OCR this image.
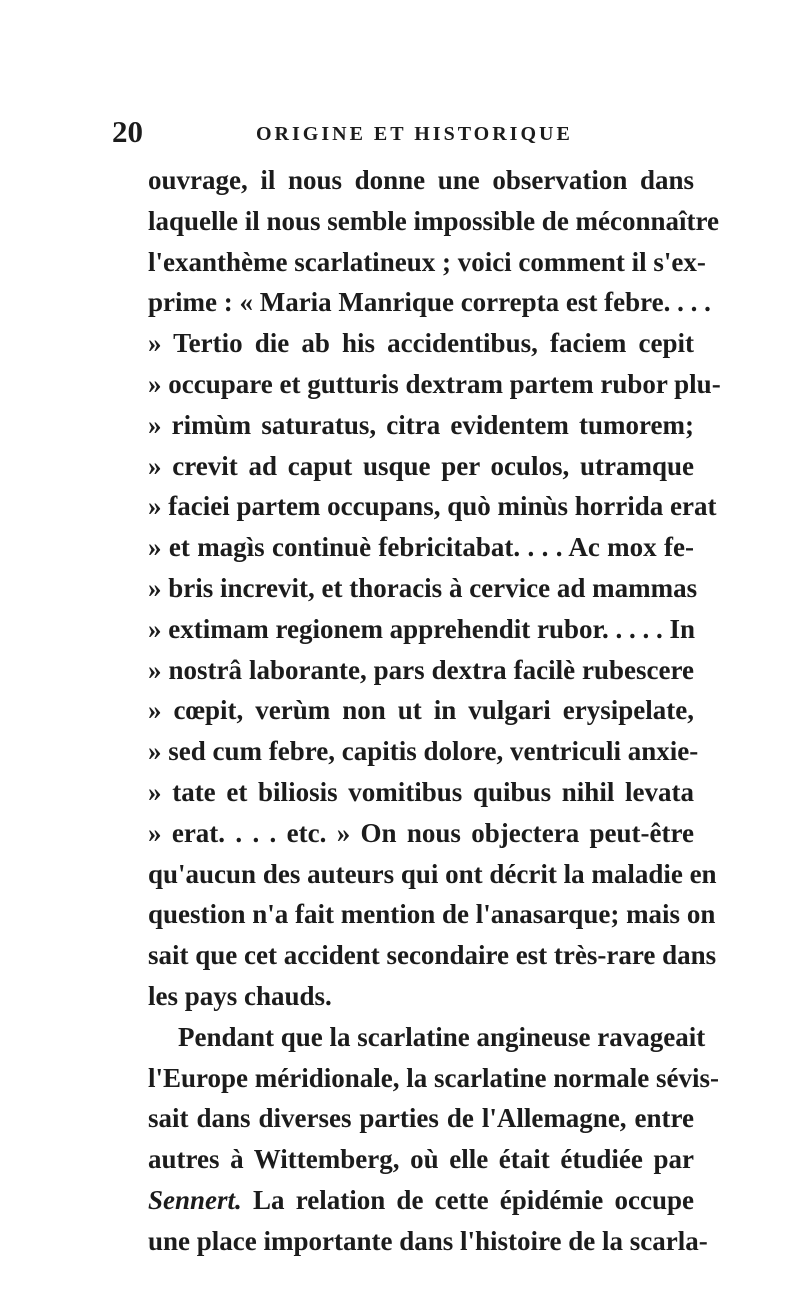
20	ORIGINE ET HISTORIQUE
ouvrage, il nous donne une observation dans
laquelle il nous semble impossible de méconnaître
l'exanthème scarlatineux ; voici comment il s'ex-
prime : « Maria Manrique correpta est febre. . . .
» Tertio die ab his accidentibus, faciem cepit
» occupare et gutturis dextram partem rubor plu-
» rimùm saturatus, citra evidentem tumorem;
» crevit ad caput usque per oculos, utramque
» faciei partem occupans, quò minùs horrida erat
» et magìs continuè febricitabat. . . . Ac mox fe-
» bris increvit, et thoracis à cervice ad mammas
» extimam regionem apprehendit rubor. . . . . In
» nostrâ laborante, pars dextra facilè rubescere
» cœpit, verùm non ut in vulgari erysipelate,
» sed cum febre, capitis dolore, ventriculi anxie-
» tate et biliosis vomitibus quibus nihil levata
» erat. . . . etc. » On nous objectera peut-être
qu'aucun des auteurs qui ont décrit la maladie en
question n'a fait mention de l'anasarque; mais on
sait que cet accident secondaire est très-rare dans
les pays chauds.
Pendant que la scarlatine angineuse ravageait
l'Europe méridionale, la scarlatine normale sévis-
sait dans diverses parties de l'Allemagne, entre
autres à Wittemberg, où elle était étudiée par
Sennert. La relation de cette épidémie occupe
une place importante dans l'histoire de la scarla-
